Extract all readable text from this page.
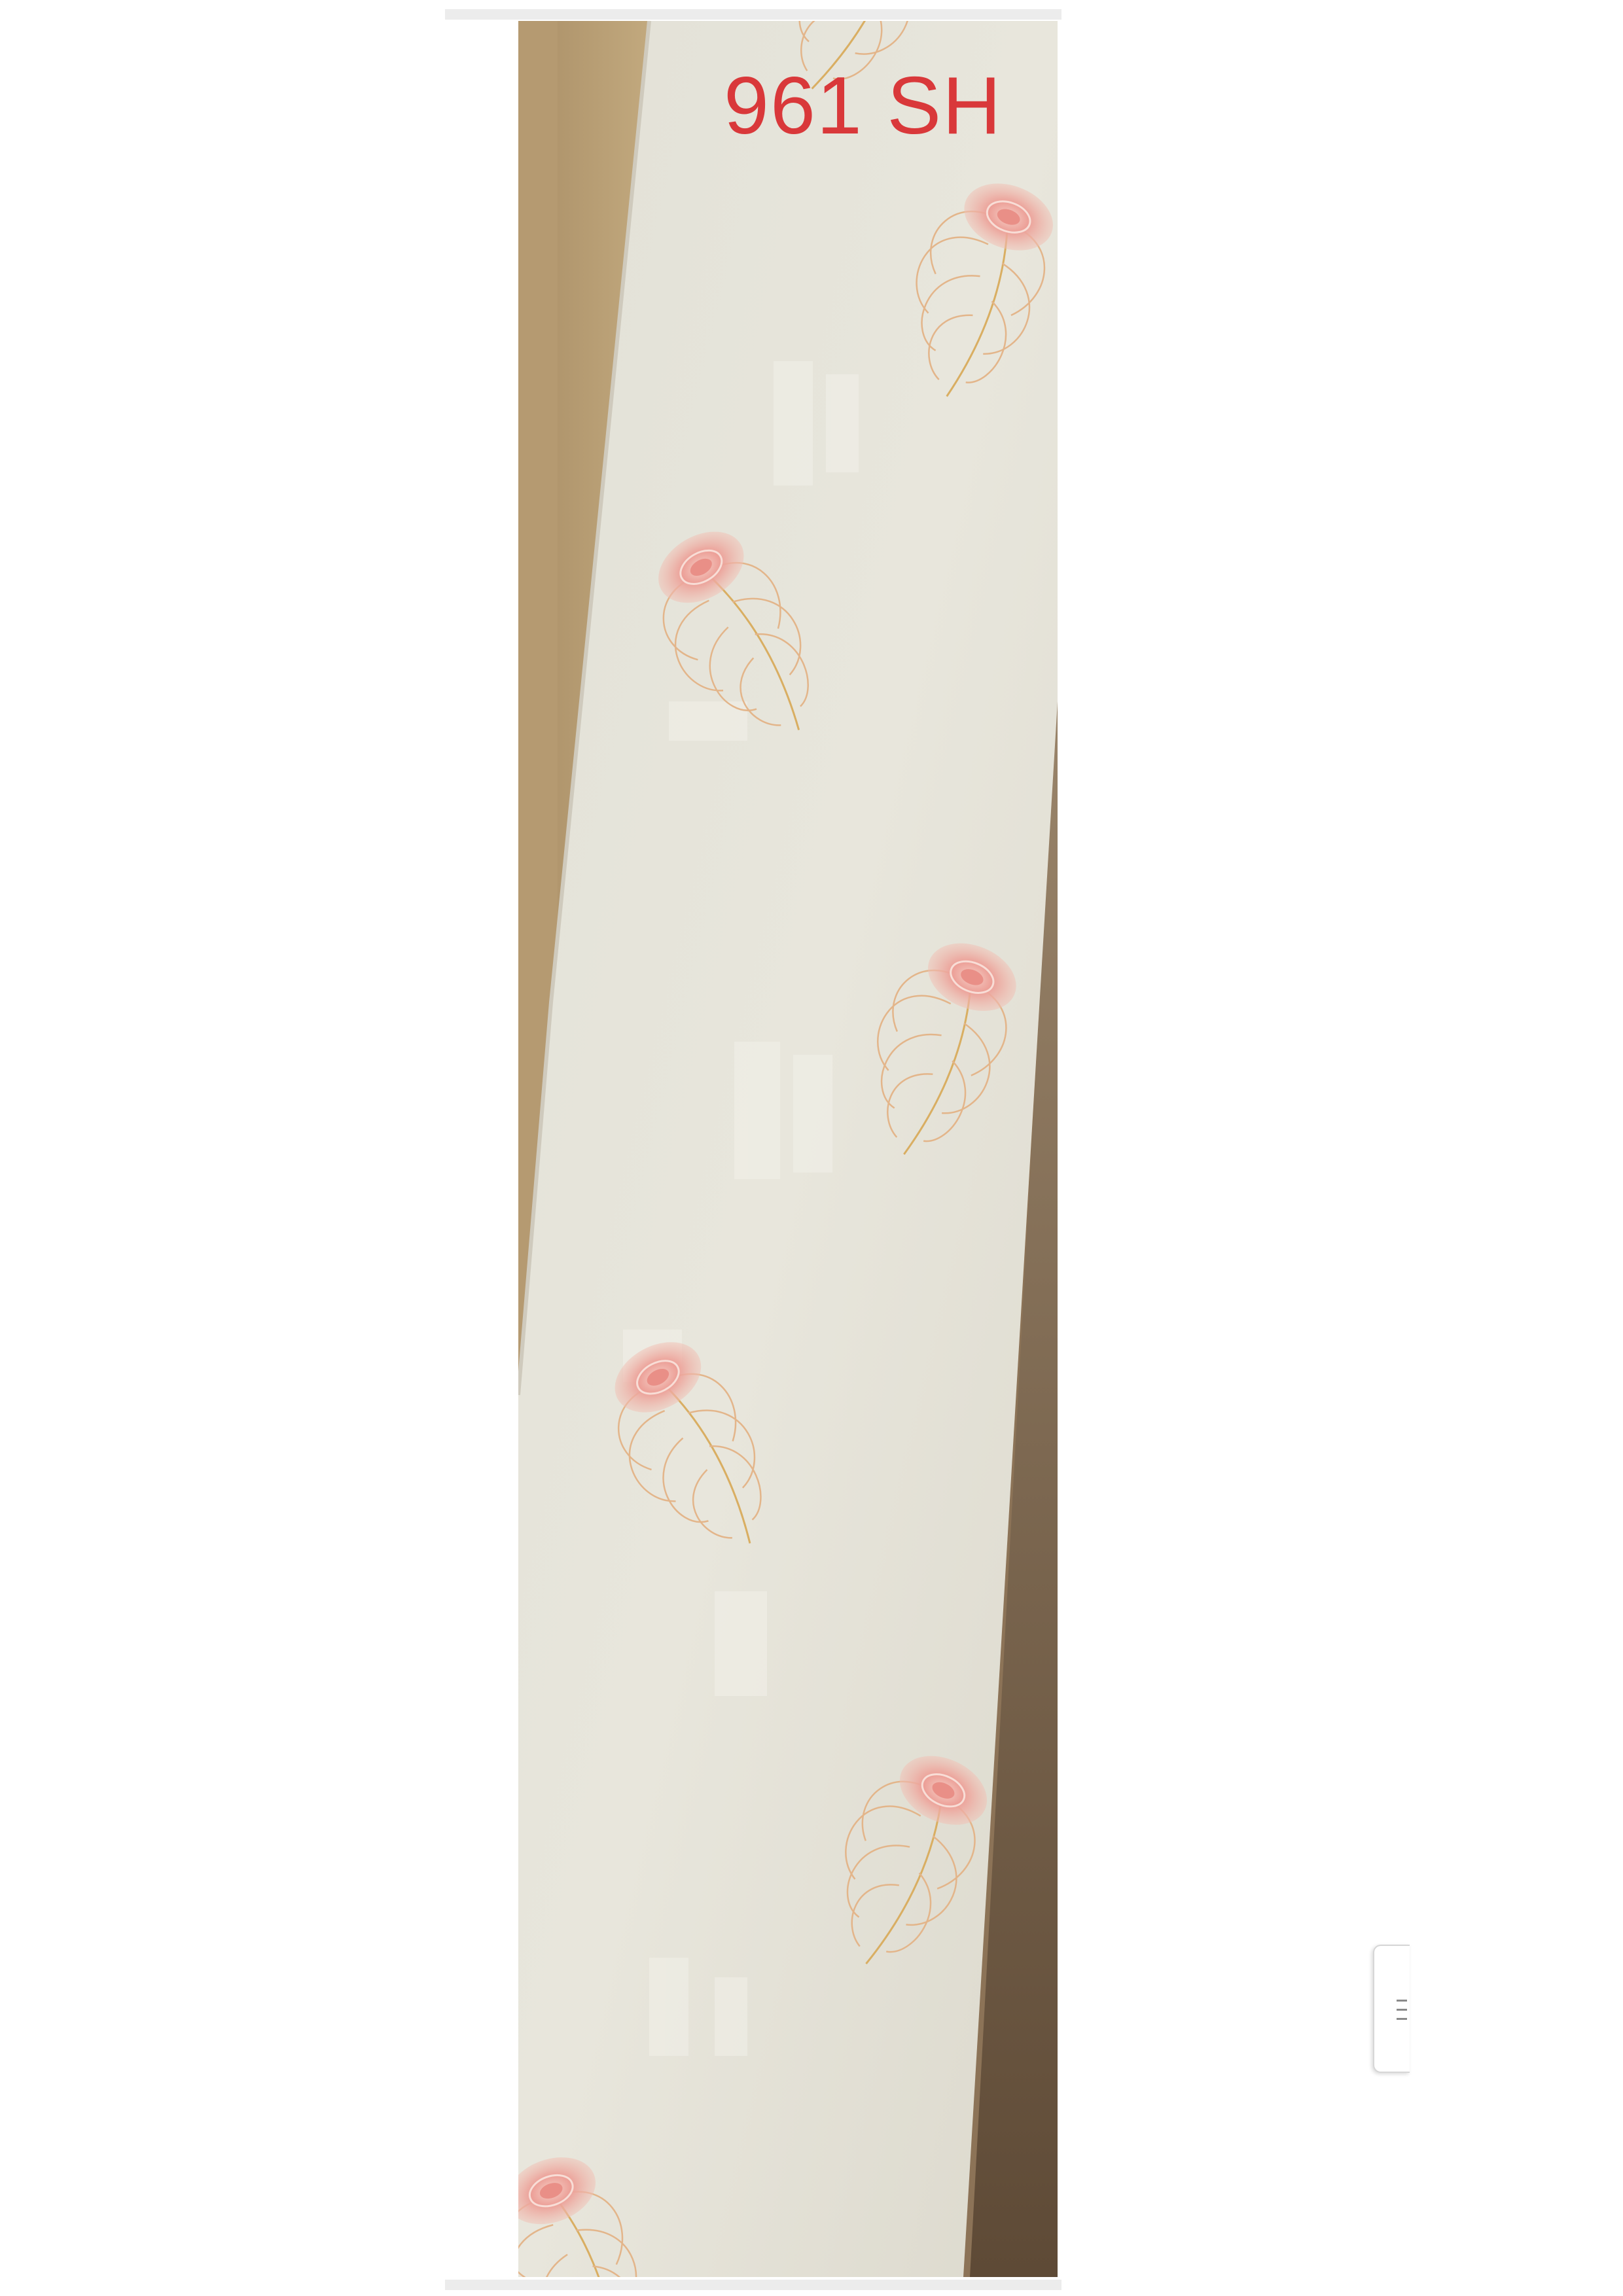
961 SH
